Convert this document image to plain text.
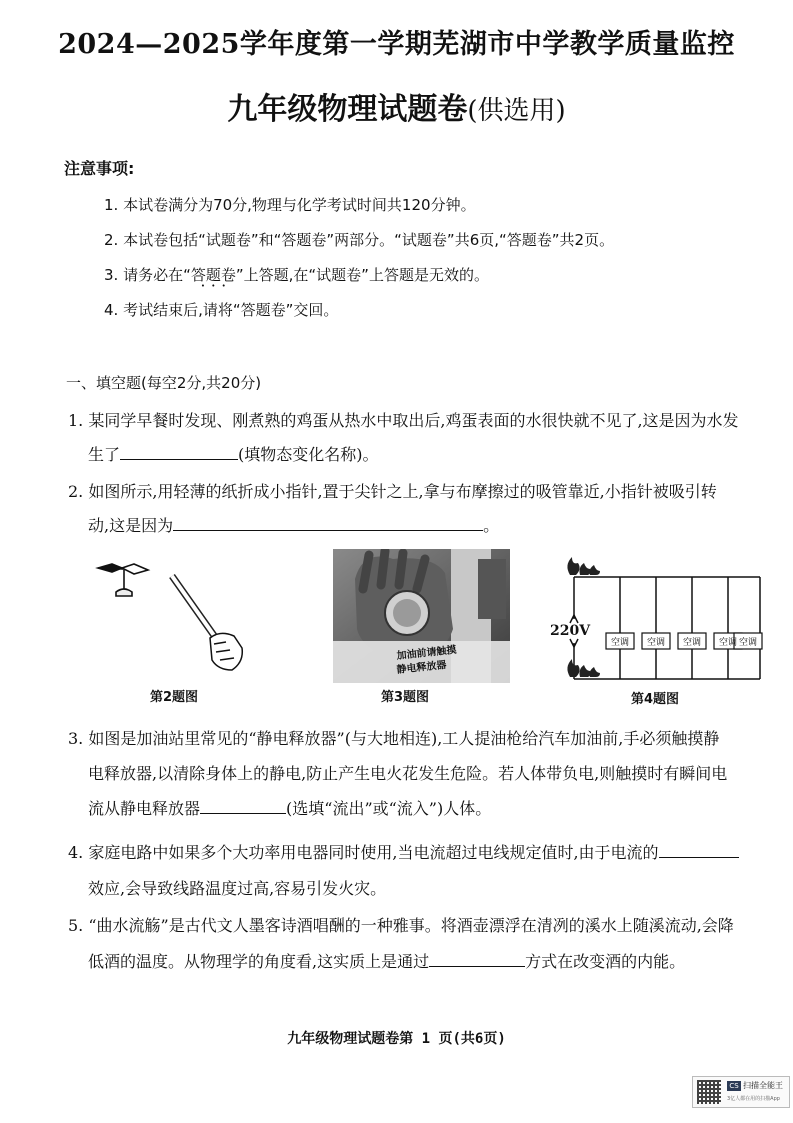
2024—2025学年度第一学期芜湖市中学教学质量监控
九年级物理试题卷(供选用)
注意事项:
1. 本试卷满分为70分,物理与化学考试时间共120分钟。
2. 本试卷包括“试题卷”和“答题卷”两部分。“试题卷”共6页,“答题卷”共2页。
3. 请务必在“答题卷 • • •”上答题,在“试题卷”上答题是无效的。
4. 考试结束后,请将“答题卷”交回。
一、填空题(每空2分,共20分)
1. 某同学早餐时发现、刚煮熟的鸡蛋从热水中取出后,鸡蛋表面的水很快就不见了,这是因为水发
生了	(填物态变化名称)。
2. 如图所示,用轻薄的纸折成小指针,置于尖针之上,拿与布摩擦过的吸管靠近,小指针被吸引转
动,这是因为	。
第2题图
加油前请触摸
静电释放器
第3题图
空调 空调 空调 空调 空调
220V
第4题图
3. 如图是加油站里常见的“静电释放器”(与大地相连),工人提油枪给汽车加油前,手必须触摸静
电释放器,以清除身体上的静电,防止产生电火花发生危险。若人体带负电,则触摸时有瞬间电
流从静电释放器	(选填“流出”或“流入”)人体。
4. 家庭电路中如果多个大功率用电器同时使用,当电流超过电线规定值时,由于电流的
效应,会导致线路温度过高,容易引发火灾。
5. “曲水流觞”是古代文人墨客诗酒唱酬的一种雅事。将酒壶漂浮在清冽的溪水上随溪流动,会降
低酒的温度。从物理学的角度看,这实质上是通过	方式在改变酒的内能。
九年级物理试题卷第 1 页(共6页)
CS 扫描全能王
3亿人都在用的扫描App
